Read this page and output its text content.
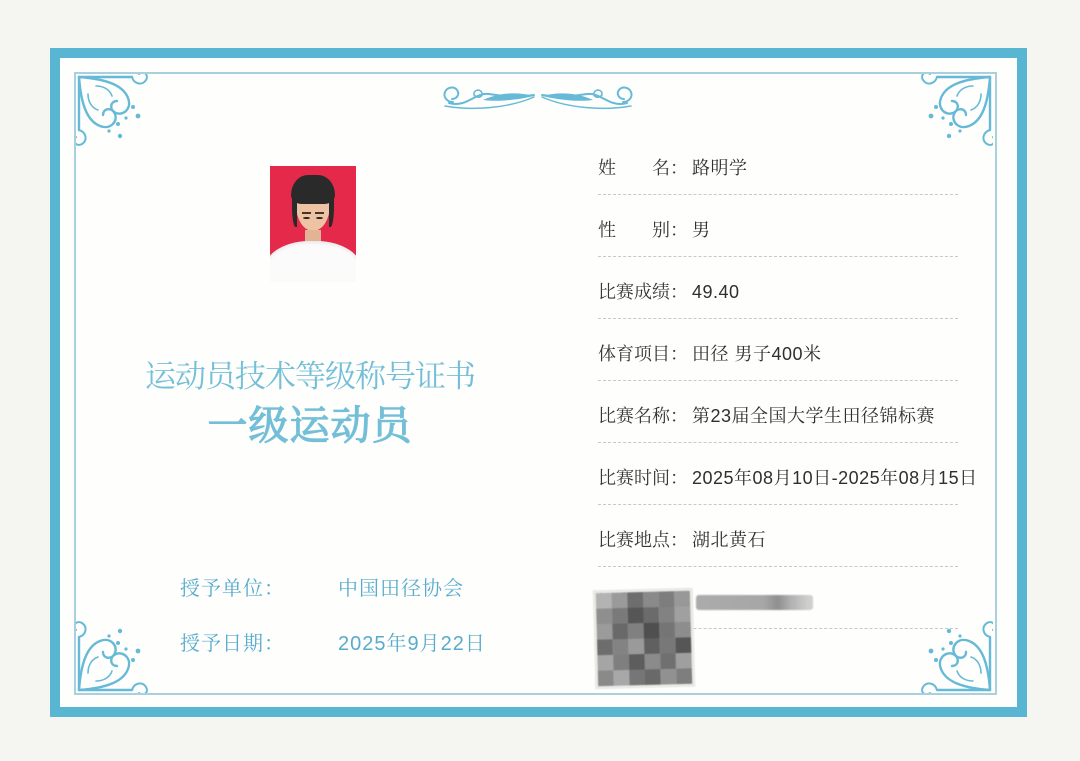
运动员技术等级称号证书
一级运动员
姓　　名： 路明学
性　　别： 男
比赛成绩： 49.40
体育项目： 田径 男子400米
比赛名称： 第23届全国大学生田径锦标赛
比赛时间： 2025年08月10日-2025年08月15日
比赛地点： 湖北黄石
授予单位：	中国田径协会
授予日期：	2025年9月22日
